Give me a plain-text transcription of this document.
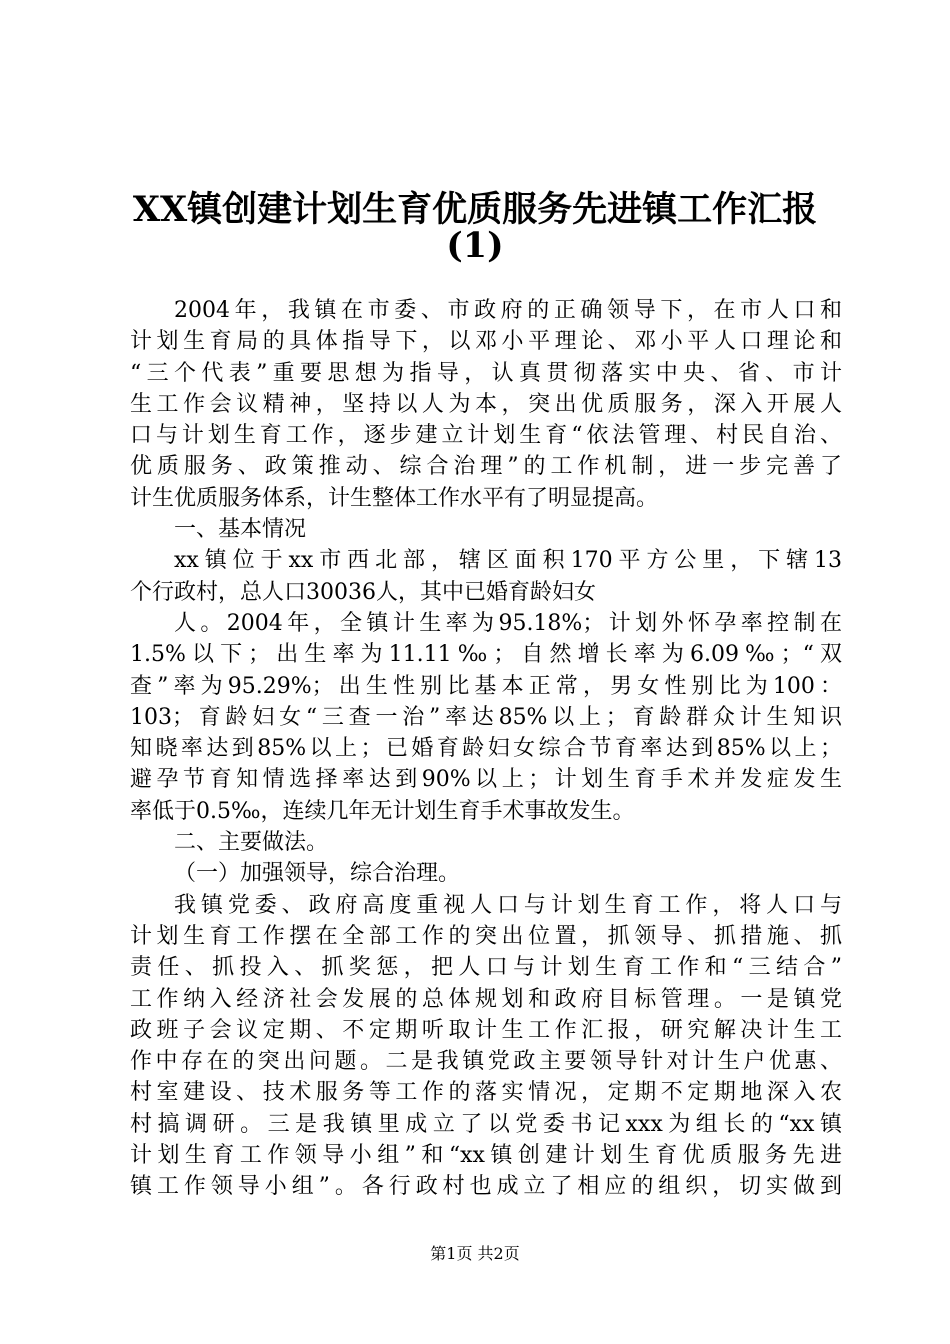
XX镇创建计划生育优质服务先进镇工作汇报
(1)
2004年，我镇在市委、市政府的正确领导下，在市人口和
计划生育局的具体指导下，以邓小平理论、邓小平人口理论和
“三个代表”重要思想为指导，认真贯彻落实中央、省、市计
生工作会议精神，坚持以人为本，突出优质服务，深入开展人
口与计划生育工作，逐步建立计划生育“依法管理、村民自治、
优质服务、政策推动、综合治理”的工作机制，进一步完善了
计生优质服务体系，计生整体工作水平有了明显提高。
一、基本情况
xx镇位于xx市西北部，辖区面积170平方公里，下辖13
个行政村，总人口30036人，其中已婚育龄妇女
人。2004年，全镇计生率为95.18%；计划外怀孕率控制在
1.5%以下；出生率为11.11‰；自然增长率为6.09‰；“双
查”率为95.29%；出生性别比基本正常，男女性别比为100：
103；育龄妇女“三查一治”率达85%以上；育龄群众计生知识
知晓率达到85%以上；已婚育龄妇女综合节育率达到85%以上；
避孕节育知情选择率达到90%以上；计划生育手术并发症发生
率低于0.5‰，连续几年无计划生育手术事故发生。
二、主要做法。
（一）加强领导，综合治理。
我镇党委、政府高度重视人口与计划生育工作，将人口与
计划生育工作摆在全部工作的突出位置，抓领导、抓措施、抓
责任、抓投入、抓奖惩，把人口与计划生育工作和“三结合”
工作纳入经济社会发展的总体规划和政府目标管理。一是镇党
政班子会议定期、不定期听取计生工作汇报，研究解决计生工
作中存在的突出问题。二是我镇党政主要领导针对计生户优惠、
村室建设、技术服务等工作的落实情况，定期不定期地深入农
村搞调研。三是我镇里成立了以党委书记xxx为组长的“xx镇
计划生育工作领导小组”和“xx镇创建计划生育优质服务先进
镇工作领导小组”。各行政村也成立了相应的组织，切实做到
第1页 共2页
